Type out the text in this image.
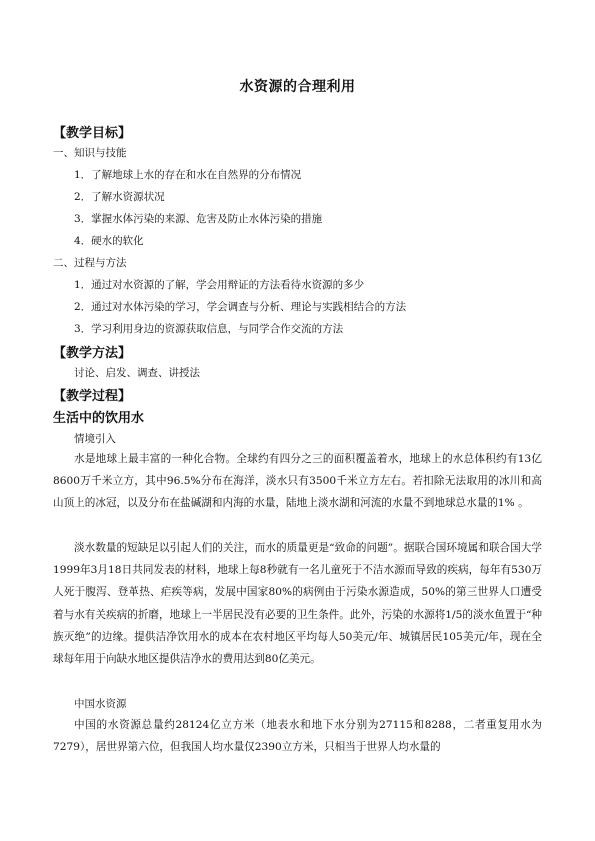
水资源的合理利用
【教学目标】
一、知识与技能
1．了解地球上水的存在和水在自然界的分布情况
2．了解水资源状况
3．掌握水体污染的来源、危害及防止水体污染的措施
4．硬水的软化
二、过程与方法
1．通过对水资源的了解，学会用辩证的方法看待水资源的多少
2．通过对水体污染的学习，学会调查与分析、理论与实践相结合的方法
3．学习利用身边的资源获取信息，与同学合作交流的方法
【教学方法】
讨论、启发、调查、讲授法
【教学过程】
生活中的饮用水
情境引入
水是地球上最丰富的一种化合物。全球约有四分之三的面积覆盖着水，地球上的水总体积约有13亿8600万千米立方，其中96.5%分布在海洋，淡水只有3500千米立方左右。若扣除无法取用的冰川和高山顶上的冰冠，以及分布在盐碱湖和内海的水量，陆地上淡水湖和河流的水量不到地球总水量的1% 。
淡水数量的短缺足以引起人们的关注，而水的质量更是“致命的问题”。据联合国环境属和联合国大学1999年3月18日共同发表的材料，地球上每8秒就有一名儿童死于不洁水源而导致的疾病，每年有530万人死于腹泻、登革热、疟疾等病，发展中国家80%的病例由于污染水源造成，50%的第三世界人口遭受着与水有关疾病的折磨，地球上一半居民没有必要的卫生条件。此外，污染的水源将1/5的淡水鱼置于“种族灭绝”的边缘。提供洁净饮用水的成本在农村地区平均每人50美元/年、城镇居民105美元/年，现在全球每年用于向缺水地区提供洁净水的费用达到80亿美元。
中国水资源
中国的水资源总量约28124亿立方米（地表水和地下水分别为27115和8288，二者重复用水为7279），居世界第六位，但我国人均水量仅2390立方米，只相当于世界人均水量的
